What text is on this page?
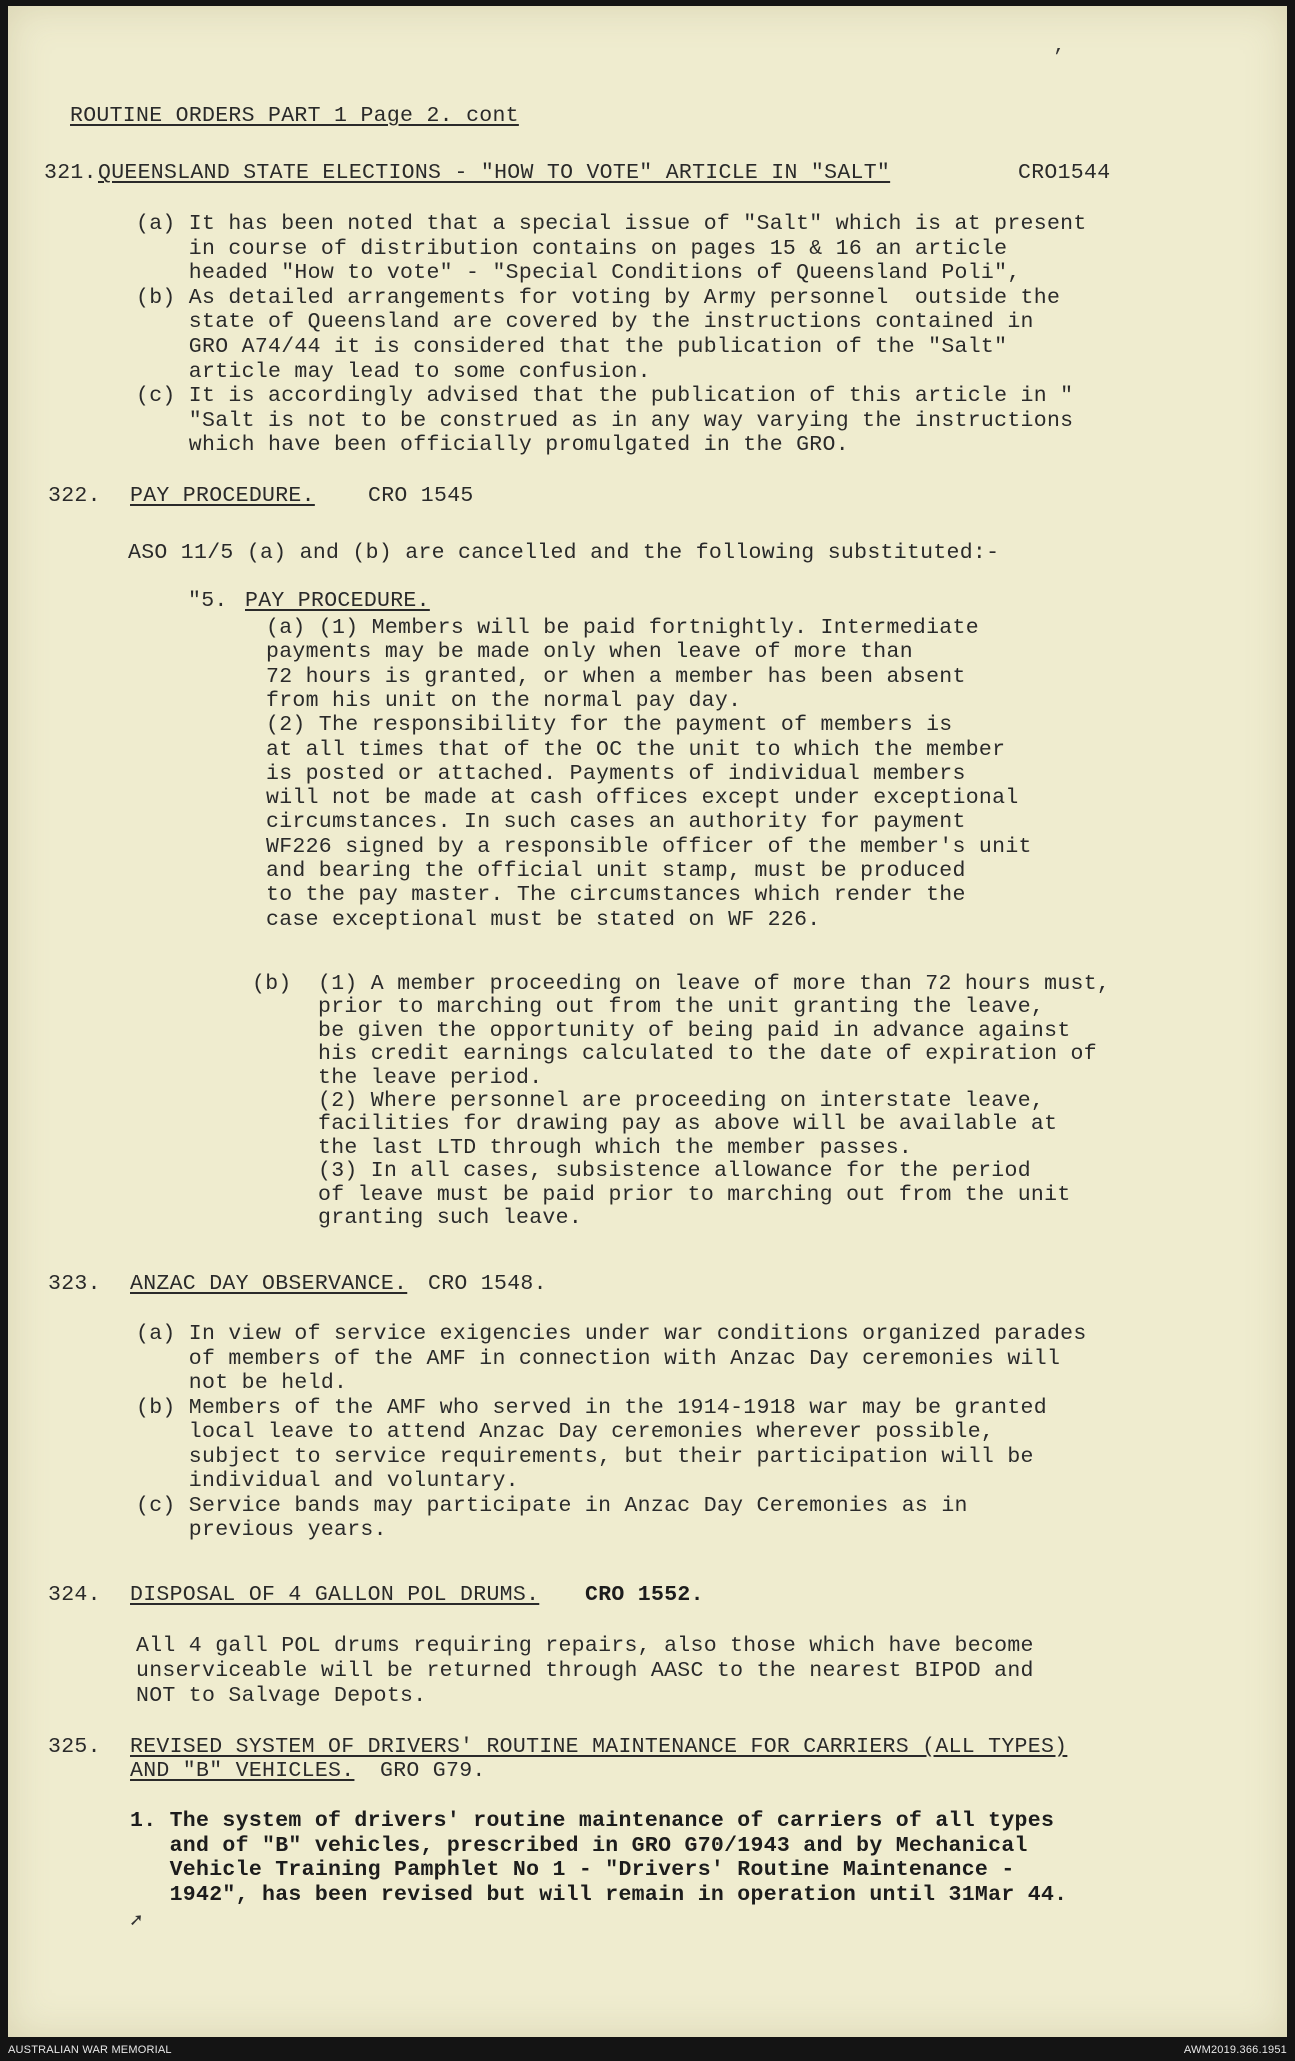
ROUTINE ORDERS PART 1 Page 2. cont
321. QUEENSLAND STATE ELECTIONS - "HOW TO VOTE" ARTICLE IN "SALT"	CRO1544
(a) It has been noted that a special issue of "Salt" which is at present
in course of distribution contains on pages 15 & 16 an article
headed "How to vote" - "Special Conditions of Queensland Poli",
(b) As detailed arrangements for voting by Army personnel  outside the
state of Queensland are covered by the instructions contained in
GRO A74/44 it is considered that the publication of the "Salt"
article may lead to some confusion.
(c) It is accordingly advised that the publication of this article in "
"Salt is not to be construed as in any way varying the instructions
which have been officially promulgated in the GRO.
322. PAY PROCEDURE. CRO 1545
ASO 11/5 (a) and (b) are cancelled and the following substituted:-
"5. PAY PROCEDURE.
(a) (1) Members will be paid fortnightly. Intermediate
payments may be made only when leave of more than
72 hours is granted, or when a member has been absent
from his unit on the normal pay day.
(2) The responsibility for the payment of members is
at all times that of the OC the unit to which the member
is posted or attached. Payments of individual members
will not be made at cash offices except under exceptional
circumstances. In such cases an authority for payment
WF226 signed by a responsible officer of the member's unit
and bearing the official unit stamp, must be produced
to the pay master. The circumstances which render the
case exceptional must be stated on WF 226.
(b) (1) A member proceeding on leave of more than 72 hours must,
prior to marching out from the unit granting the leave,
be given the opportunity of being paid in advance against
his credit earnings calculated to the date of expiration of
the leave period.
(2) Where personnel are proceeding on interstate leave,
facilities for drawing pay as above will be available at
the last LTD through which the member passes.
(3) In all cases, subsistence allowance for the period
of leave must be paid prior to marching out from the unit
granting such leave.
323. ANZAC DAY OBSERVANCE. CRO 1548.
(a) In view of service exigencies under war conditions organized parades
of members of the AMF in connection with Anzac Day ceremonies will
not be held.
(b) Members of the AMF who served in the 1914-1918 war may be granted
local leave to attend Anzac Day ceremonies wherever possible,
subject to service requirements, but their participation will be
individual and voluntary.
(c) Service bands may participate in Anzac Day Ceremonies as in
previous years.
324. DISPOSAL OF 4 GALLON POL DRUMS. CRO 1552.
All 4 gall POL drums requiring repairs, also those which have become
unserviceable will be returned through AASC to the nearest BIPOD and
NOT to Salvage Depots.
325. REVISED SYSTEM OF DRIVERS' ROUTINE MAINTENANCE FOR CARRIERS (ALL TYPES)
AND "B" VEHICLES. GRO G79.
1. The system of drivers' routine maintenance of carriers of all types
and of "B" vehicles, prescribed in GRO G70/1943 and by Mechanical
Vehicle Training Pamphlet No 1 - "Drivers' Routine Maintenance -
1942", has been revised but will remain in operation until 31Mar 44.
’
➚
AUSTRALIAN WAR MEMORIAL	AWM2019.366.1951
